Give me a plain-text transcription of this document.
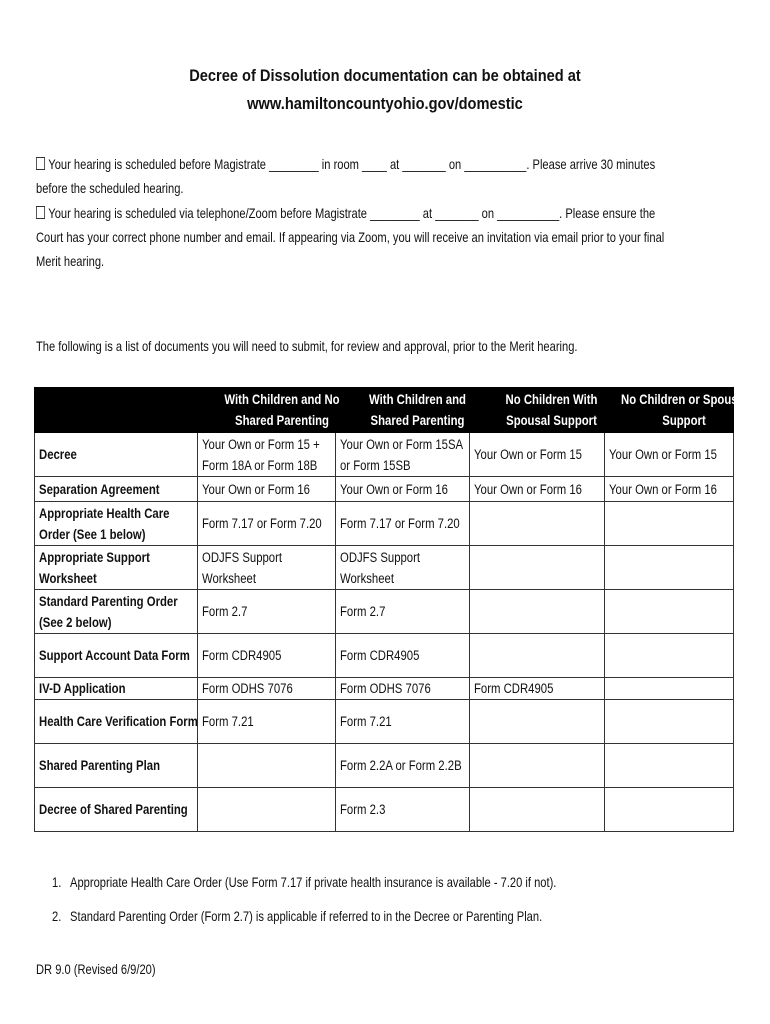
Decree of Dissolution documentation can be obtained at
www.hamiltoncountyohio.gov/domestic
Your hearing is scheduled before Magistrate ________ in room ____ at _______ on __________. Please arrive 30 minutes
before the scheduled hearing.
Your hearing is scheduled via telephone/Zoom before Magistrate ________ at _______ on __________. Please ensure the
Court has your correct phone number and email. If appearing via Zoom, you will receive an invitation via email prior to your final
Merit hearing.
The following is a list of documents you will need to submit, for review and approval, prior to the Merit hearing.
	With Children and No Shared Parenting	With Children and Shared Parenting	No Children With Spousal Support	No Children or Spousal Support
Decree	Your Own or Form 15 + Form 18A or Form 18B	Your Own or Form 15SA or Form 15SB	Your Own or Form 15	Your Own or Form 15
Separation Agreement	Your Own or Form 16	Your Own or Form 16	Your Own or Form 16	Your Own or Form 16
Appropriate Health Care Order (See 1 below)	Form 7.17 or Form 7.20	Form 7.17 or Form 7.20		
Appropriate Support Worksheet	ODJFS Support Worksheet	ODJFS Support Worksheet		
Standard Parenting Order (See 2 below)	Form 2.7	Form 2.7		
Support Account Data Form	Form CDR4905	Form CDR4905		
IV-D Application	Form ODHS 7076	Form ODHS 7076	Form CDR4905	
Health Care Verification Form	Form 7.21	Form 7.21		
Shared Parenting Plan		Form 2.2A or Form 2.2B		
Decree of Shared Parenting		Form 2.3		
1. Appropriate Health Care Order (Use Form 7.17 if private health insurance is available - 7.20 if not).
2. Standard Parenting Order (Form 2.7) is applicable if referred to in the Decree or Parenting Plan.
DR 9.0 (Revised 6/9/20)
